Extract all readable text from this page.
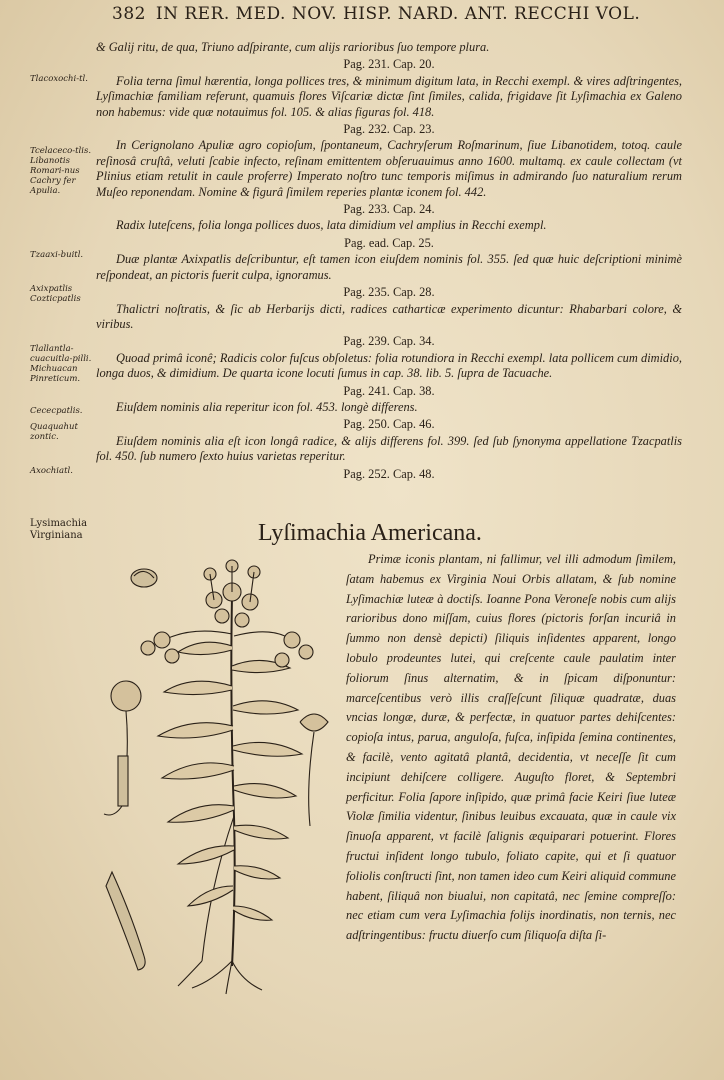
382 IN RER. MED. NOV. HISP. NARD. ANT. RECCHI VOL.
Tlacoxochi-tl.
Tcelaceco-tlis. Libanotis Romari-nus Cachry fer Apulia.
Tzaaxi-buitl.
Axixpatlis Cozticpatlis
Tlallantla-cuacuitla-pilli. Michuacan Pinreticum.
Cececpatlis.
Quaquahut zontic.
Axochiatl.
Lysimachia Virginiana

& Galij ritu, de qua, Triuno adſpirante, cum alijs rarioribus ſuo tempore plura.

Pag. 231. Cap. 20.

Folia terna ſimul hærentia, longa pollices tres, & minimum digitum lata, in Recchi exempl. & vires adſtringentes, Lyſimachiæ familiam referunt, quamuis flores Viſcariæ dictæ ſint ſimiles, calida, frigidave ſit Lyſimachia ex Galeno non habemus: vide quæ notauimus fol. 105. & alias figuras fol. 418.

Pag. 232. Cap. 23.

In Cerignolano Apuliæ agro copioſum, ſpontaneum, Cachryſerum Roſmarinum, ſiue Libanotidem, totoq. caule reſinosâ cruſtâ, veluti ſcabie infecto, reſinam emittentem obſeruauimus anno 1600. multamq. ex caule collectam (vt Plinius etiam retulit in caule proferre) Imperato noſtro tunc temporis miſimus in admirando ſuo naturalium rerum Muſeo reponendam. Nomine & figurâ ſimilem reperies plantæ iconem fol. 442.

Pag. 233. Cap. 24.

Radix luteſcens, folia longa pollices duos, lata dimidium vel amplius in Recchi exempl.

Pag. ead. Cap. 25.

Duæ plantæ Axixpatlis deſcribuntur, eſt tamen icon eiuſdem nominis fol. 355. ſed quæ huic deſcriptioni minimè reſpondeat, an pictoris fuerit culpa, ignoramus.

Pag. 235. Cap. 28.

Thalictri noſtratis, & ſic ab Herbarijs dicti, radices catharticæ experimento dicuntur: Rhabarbari colore, & viribus.

Pag. 239. Cap. 34.

Quoad primâ iconê; Radicis color fuſcus obſoletus: folia rotundiora in Recchi exempl. lata pollicem cum dimidio, longa duos, & dimidium. De quarta icone locuti ſumus in cap. 38. lib. 5. ſupra de Tacuache.

Pag. 241. Cap. 38.

Eiuſdem nominis alia reperitur icon fol. 453. longè differens.

Pag. 250. Cap. 46.

Eiuſdem nominis alia eſt icon longâ radice, & alijs differens fol. 399. ſed ſub ſynonyma appellatione Tzacpatlis fol. 450. ſub numero ſexto huius varietas reperitur.

Pag. 252. Cap. 48.
Lyſimachia Americana.

Primæ iconis plantam, ni fallimur, vel illi admodum ſimilem, ſatam habemus ex Virginia Noui Orbis allatam, & ſub nomine Lyſimachiæ luteæ à doctiſs. Ioanne Pona Veroneſe nobis cum alijs rarioribus dono miſſam, cuius flores (pictoris forſan incuriâ in ſummo non densè depicti) ſiliquis inſidentes apparent, longo lobulo prodeuntes lutei, qui creſcente caule paulatim inter foliorum ſinus alternatim, & in ſpicam diſponuntur: marceſcentibus verò illis craſſeſcunt ſiliquæ quadratæ, duas vncias longæ, duræ, & perfectæ, in quatuor partes dehiſcentes: copioſa intus, parua, anguloſa, fuſca, inſipida ſemina continentes, & facilè, vento agitatâ plantâ, decidentia, vt neceſſe ſit cum incipiunt dehiſcere colligere. Auguſto floret, & Septembri perficitur. Folia ſapore inſipido, quæ primâ facie Keiri ſiue luteæ Violæ ſimilia videntur, ſinibus leuibus excauata, quæ in caule vix ſinuoſa apparent, vt facilè ſalignis æquiparari potuerint. Flores fructui inſident longo tubulo, foliato capite, qui et ſi quatuor foliolis conſtructi ſint, non tamen ideo cum Keiri aliquid commune habent, ſiliquâ non biualui, non capitatâ, nec ſemine compreſſo: nec etiam cum vera Lyſimachia folijs inordinatis, non ternis, nec adſtringentibus: fructu diuerſo cum ſiliquoſa diſta ſi-
